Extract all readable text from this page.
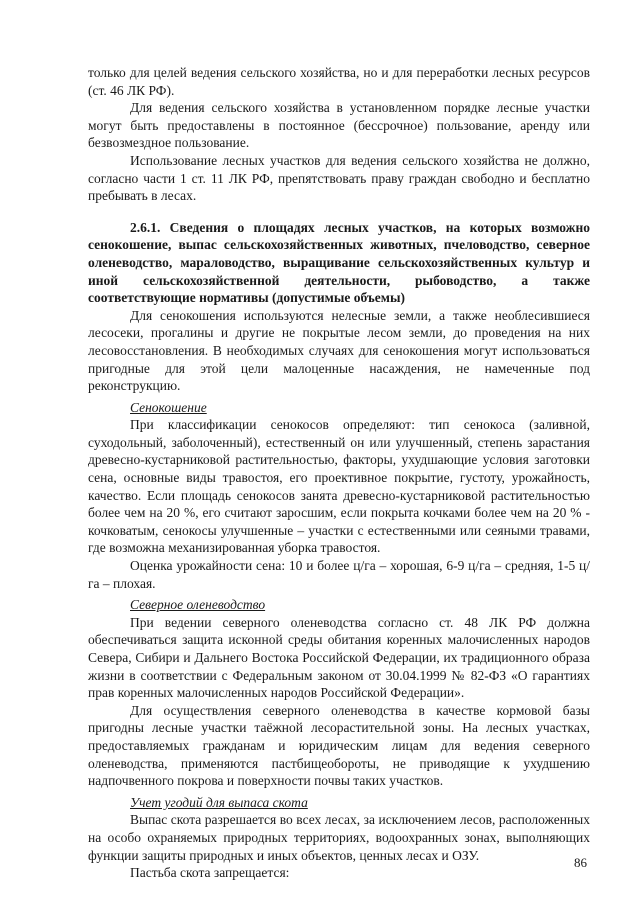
только для целей ведения сельского хозяйства, но и для переработки лесных ресурсов (ст. 46 ЛК РФ).

Для ведения сельского хозяйства в установленном порядке лесные участки могут быть предоставлены в постоянное (бессрочное) пользование, аренду или безвозмездное пользование.

Использование лесных участков для ведения сельского хозяйства не должно, согласно части 1 ст. 11 ЛК РФ, препятствовать праву граждан свободно и бесплатно пребывать в лесах.

2.6.1. Сведения о площадях лесных участков, на которых возможно сенокошение, выпас сельскохозяйственных животных, пчеловодство, северное оленеводство, мараловодство, выращивание сельскохозяйственных культур и иной сельскохозяйственной деятельности, рыбоводство, а также соответствующие нормативы (допустимые объемы)

Для сенокошения используются нелесные земли, а также необлесившиеся лесосеки, прогалины и другие не покрытые лесом земли, до проведения на них лесовосстановления. В необходимых случаях для сенокошения могут использоваться пригодные для этой цели малоценные насаждения, не намеченные под реконструкцию.

Сенокошение

При классификации сенокосов определяют: тип сенокоса (заливной, суходольный, заболоченный), естественный он или улучшенный, степень зарастания древесно-кустарниковой растительностью, факторы, ухудшающие условия заготовки сена, основные виды травостоя, его проективное покрытие, густоту, урожайность, качество. Если площадь сенокосов занята древесно-кустарниковой растительностью более чем на 20 %, его считают заросшим, если покрыта кочками более чем на 20 % - кочковатым, сенокосы улучшенные – участки с естественными или сеяными травами, где возможна механизированная уборка травостоя.

Оценка урожайности сена: 10 и более ц/га – хорошая, 6-9 ц/га – средняя, 1-5 ц/га – плохая.

Северное оленеводство

При ведении северного оленеводства согласно ст. 48 ЛК РФ должна обеспечиваться защита исконной среды обитания коренных малочисленных народов Севера, Сибири и Дальнего Востока Российской Федерации, их традиционного образа жизни в соответствии с Федеральным законом от 30.04.1999 № 82-ФЗ «О гарантиях прав коренных малочисленных народов Российской Федерации».

Для осуществления северного оленеводства в качестве кормовой базы пригодны лесные участки таёжной лесорастительной зоны. На лесных участках, предоставляемых гражданам и юридическим лицам для ведения северного оленеводства, применяются пастбищеобороты, не приводящие к ухудшению надпочвенного покрова и поверхности почвы таких участков.

Учет угодий для выпаса скота

Выпас скота разрешается во всех лесах, за исключением лесов, расположенных на особо охраняемых природных территориях, водоохранных зонах, выполняющих функции защиты природных и иных объектов, ценных лесах и ОЗУ.

Пастьба скота запрещается:

86
